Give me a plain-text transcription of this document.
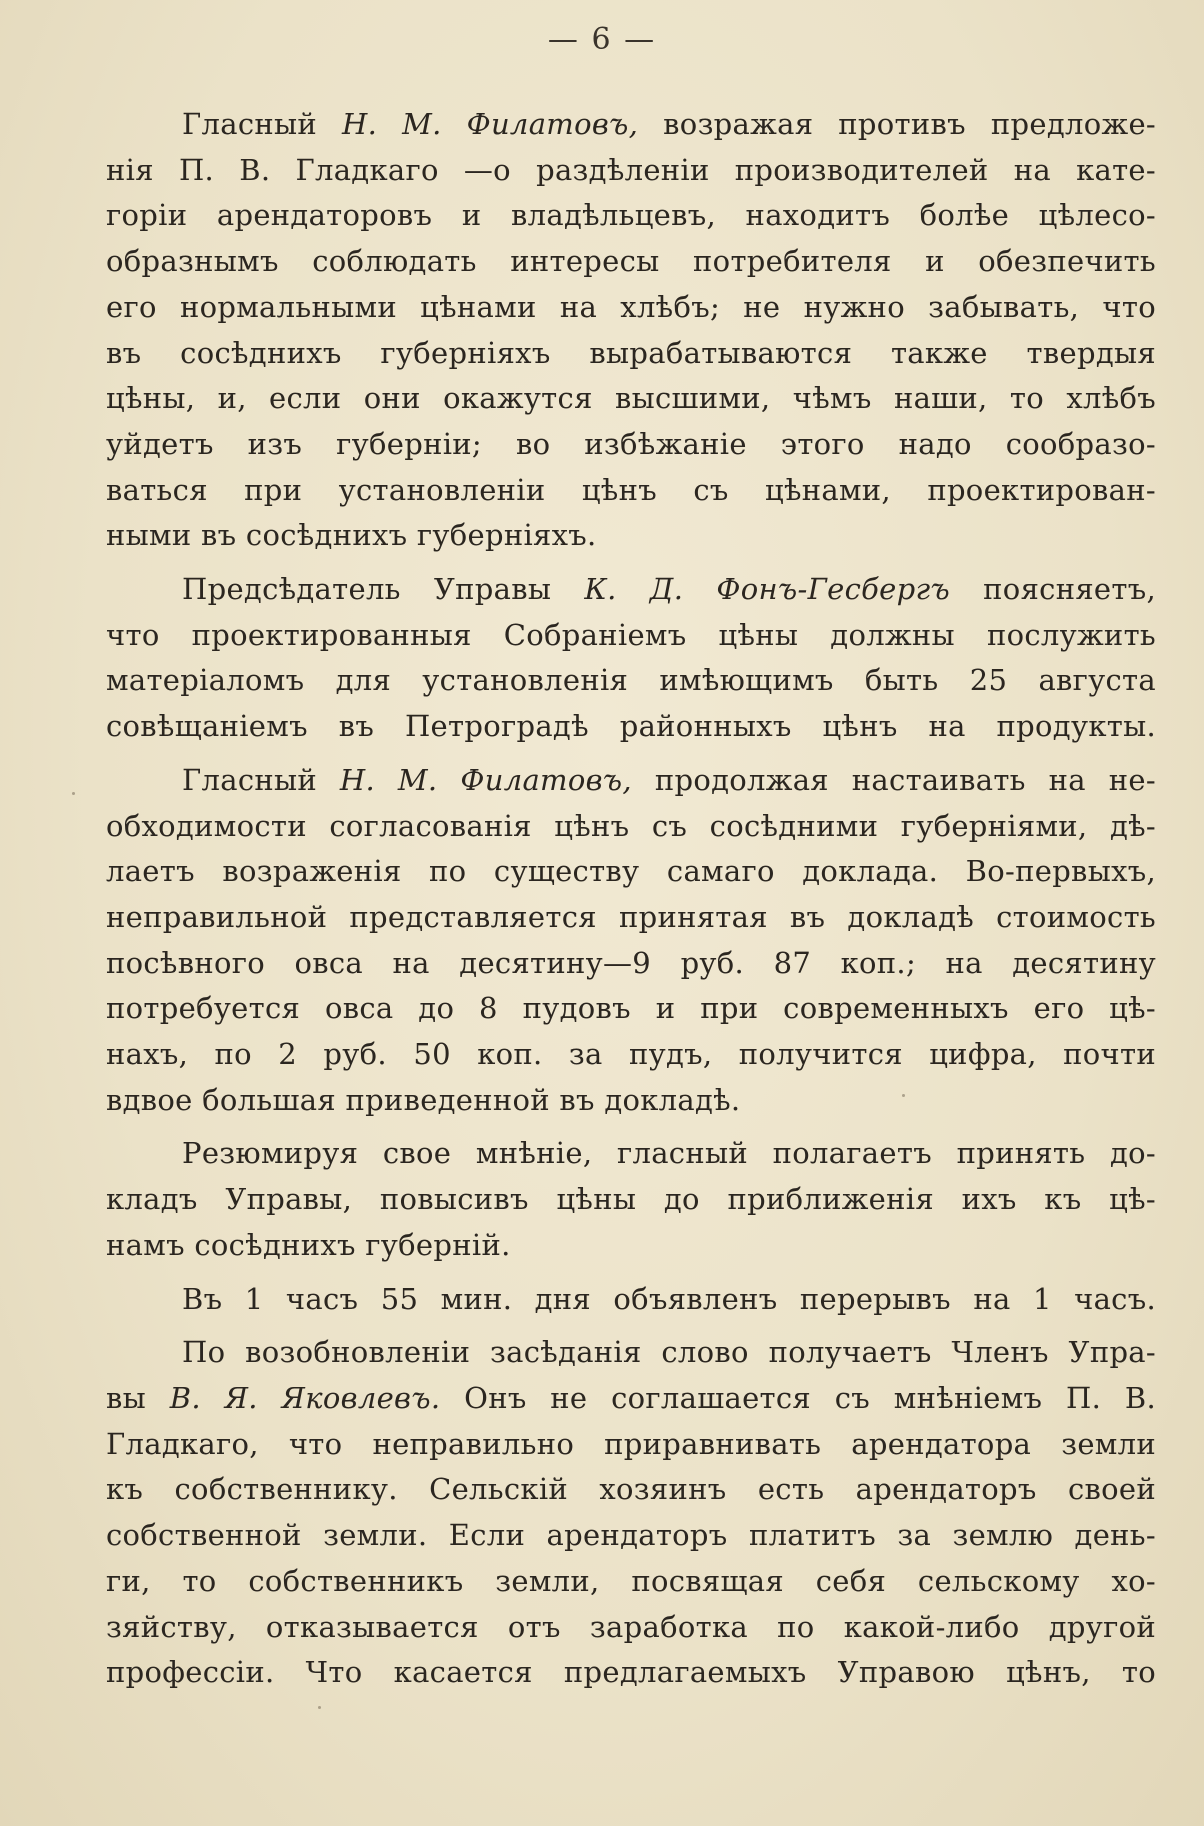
— 6 —
Гласный Н. М. Филатовъ, возражая противъ предложе-
нія П. В. Гладкаго —о раздѣленіи производителей на кате-
горіи арендаторовъ и владѣльцевъ, находитъ болѣе цѣлесо-
образнымъ соблюдать интересы потребителя и обезпечить
его нормальными цѣнами на хлѣбъ; не нужно забывать, что
въ сосѣднихъ губерніяхъ вырабатываются также твердыя
цѣны, и, если они окажутся высшими, чѣмъ наши, то хлѣбъ
уйдетъ изъ губерніи; во избѣжаніе этого надо сообразо-
ваться при установленіи цѣнъ съ цѣнами, проектирован-
ными въ сосѣднихъ губерніяхъ.
Предсѣдатель Управы К. Д. Фонъ-Гесбергъ поясняетъ,
что проектированныя Собраніемъ цѣны должны послужить
матеріаломъ для установленія имѣющимъ быть 25 августа
совѣщаніемъ въ Петроградѣ районныхъ цѣнъ на продукты.
Гласный Н. М. Филатовъ, продолжая настаивать на не-
обходимости согласованія цѣнъ съ сосѣдними губерніями, дѣ-
лаетъ возраженія по существу самаго доклада. Во-первыхъ,
неправильной представляется принятая въ докладѣ стоимость
посѣвного овса на десятину—9 руб. 87 коп.; на десятину
потребуется овса до 8 пудовъ и при современныхъ его цѣ-
нахъ, по 2 руб. 50 коп. за пудъ, получится цифра, почти
вдвое большая приведенной въ докладѣ.
Резюмируя свое мнѣніе, гласный полагаетъ принять до-
кладъ Управы, повысивъ цѣны до приближенія ихъ къ цѣ-
намъ сосѣднихъ губерній.
Въ 1 часъ 55 мин. дня объявленъ перерывъ на 1 часъ.
По возобновленіи засѣданія слово получаетъ Членъ Упра-
вы В. Я. Яковлевъ. Онъ не соглашается съ мнѣніемъ П. В.
Гладкаго, что неправильно приравнивать арендатора земли
къ собственнику. Сельскій хозяинъ есть арендаторъ своей
собственной земли. Если арендаторъ платитъ за землю день-
ги, то собственникъ земли, посвящая себя сельскому хо-
зяйству, отказывается отъ заработка по какой-либо другой
профессіи. Что касается предлагаемыхъ Управою цѣнъ, то
